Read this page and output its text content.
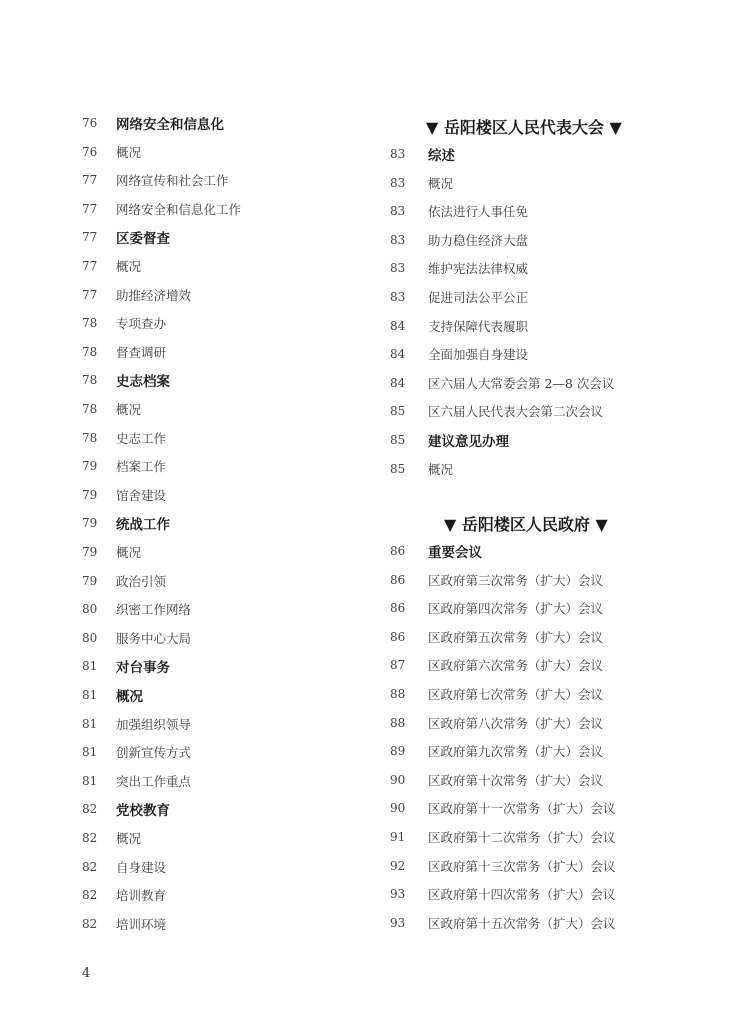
76	网络安全和信息化
76	概况
77	网络宣传和社会工作
77	网络安全和信息化工作
77	区委督查
77	概况
77	助推经济增效
78	专项查办
78	督查调研
78	史志档案
78	概况
78	史志工作
79	档案工作
79	馆舍建设
79	统战工作
79	概况
79	政治引领
80	织密工作网络
80	服务中心大局
81	对台事务
81	概况
81	加强组织领导
81	创新宣传方式
81	突出工作重点
82	党校教育
82	概况
82	自身建设
82	培训教育
82	培训环境
▼ 岳阳楼区人民代表大会 ▼
83	综述
83	概况
83	依法进行人事任免
83	助力稳住经济大盘
83	维护宪法法律权威
83	促进司法公平公正
84	支持保障代表履职
84	全面加强自身建设
84	区六届人大常委会第 2—8 次会议
85	区六届人民代表大会第二次会议
85	建议意见办理
85	概况
▼ 岳阳楼区人民政府 ▼
86	重要会议
86	区政府第三次常务（扩大）会议
86	区政府第四次常务（扩大）会议
86	区政府第五次常务（扩大）会议
87	区政府第六次常务（扩大）会议
88	区政府第七次常务（扩大）会议
88	区政府第八次常务（扩大）会议
89	区政府第九次常务（扩大）会议
90	区政府第十次常务（扩大）会议
90	区政府第十一次常务（扩大）会议
91	区政府第十二次常务（扩大）会议
92	区政府第十三次常务（扩大）会议
93	区政府第十四次常务（扩大）会议
93	区政府第十五次常务（扩大）会议
4
